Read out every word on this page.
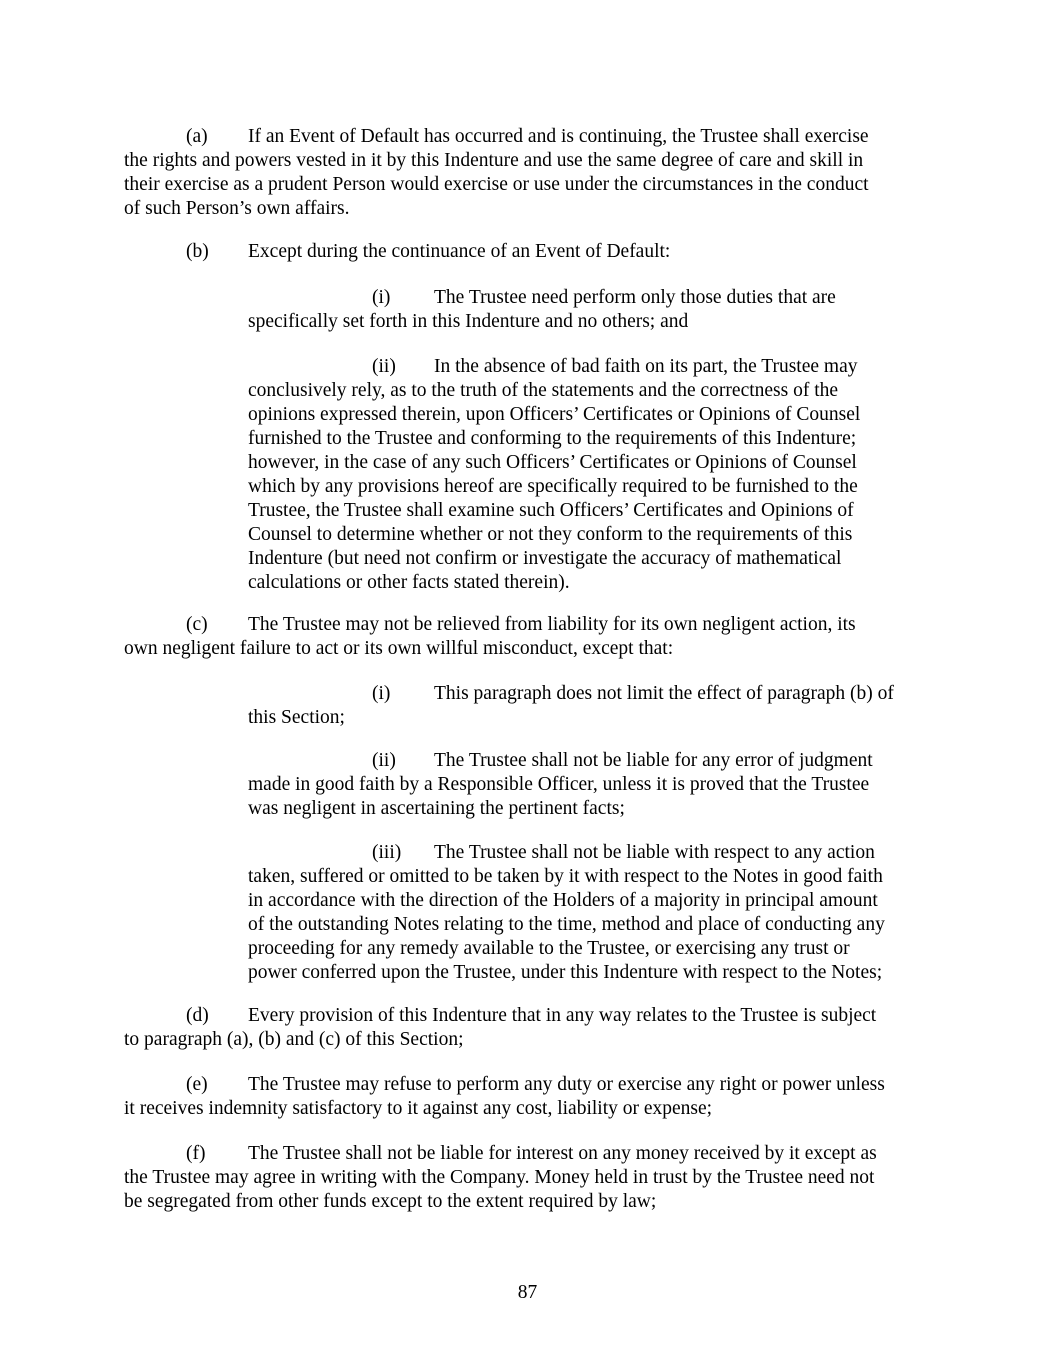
(a) If an Event of Default has occurred and is continuing, the Trustee shall exercise
the rights and powers vested in it by this Indenture and use the same degree of care and skill in
their exercise as a prudent Person would exercise or use under the circumstances in the conduct
of such Person’s own affairs.
(b) Except during the continuance of an Event of Default:
(i) The Trustee need perform only those duties that are
specifically set forth in this Indenture and no others; and
(ii) In the absence of bad faith on its part, the Trustee may
conclusively rely, as to the truth of the statements and the correctness of the
opinions expressed therein, upon Officers’ Certificates or Opinions of Counsel
furnished to the Trustee and conforming to the requirements of this Indenture;
however, in the case of any such Officers’ Certificates or Opinions of Counsel
which by any provisions hereof are specifically required to be furnished to the
Trustee, the Trustee shall examine such Officers’ Certificates and Opinions of
Counsel to determine whether or not they conform to the requirements of this
Indenture (but need not confirm or investigate the accuracy of mathematical
calculations or other facts stated therein).
(c) The Trustee may not be relieved from liability for its own negligent action, its
own negligent failure to act or its own willful misconduct, except that:
(i) This paragraph does not limit the effect of paragraph (b) of
this Section;
(ii) The Trustee shall not be liable for any error of judgment
made in good faith by a Responsible Officer, unless it is proved that the Trustee
was negligent in ascertaining the pertinent facts;
(iii) The Trustee shall not be liable with respect to any action
taken, suffered or omitted to be taken by it with respect to the Notes in good faith
in accordance with the direction of the Holders of a majority in principal amount
of the outstanding Notes relating to the time, method and place of conducting any
proceeding for any remedy available to the Trustee, or exercising any trust or
power conferred upon the Trustee, under this Indenture with respect to the Notes;
(d) Every provision of this Indenture that in any way relates to the Trustee is subject
to paragraph (a), (b) and (c) of this Section;
(e) The Trustee may refuse to perform any duty or exercise any right or power unless
it receives indemnity satisfactory to it against any cost, liability or expense;
(f) The Trustee shall not be liable for interest on any money received by it except as
the Trustee may agree in writing with the Company. Money held in trust by the Trustee need not
be segregated from other funds except to the extent required by law;
87
